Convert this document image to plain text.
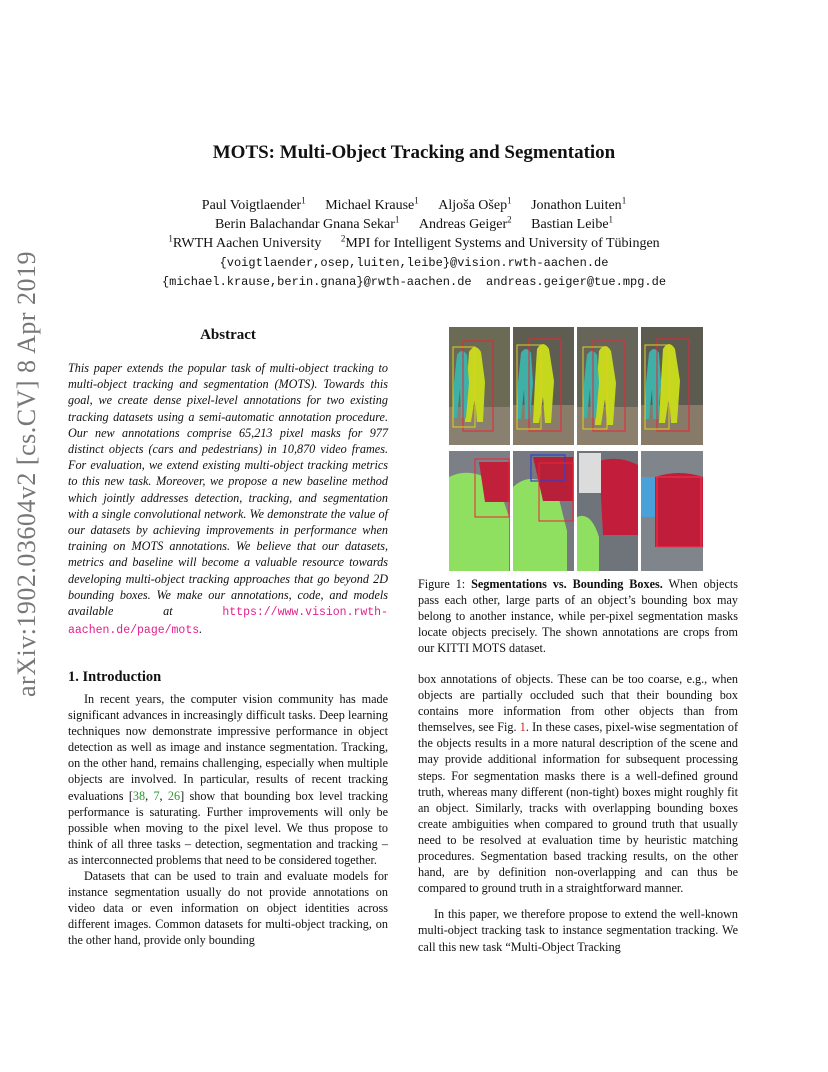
arXiv:1902.03604v2 [cs.CV] 8 Apr 2019
MOTS: Multi-Object Tracking and Segmentation
Paul Voigtlaender$^1$ Michael Krause$^1$ Aljoša Ošep$^1$ Jonathon Luiten$^1$
Berin Balachandar Gnana Sekar$^1$ Andreas Geiger$^2$ Bastian Leibe$^1$
$^1$RWTH Aachen University $^2$MPI for Intelligent Systems and University of Tübingen
{voigtlaender,osep,luiten,leibe}@vision.rwth-aachen.de
{michael.krause,berin.gnana}@rwth-aachen.de  andreas.geiger@tue.mpg.de
Abstract
This paper extends the popular task of multi-object tracking to multi-object tracking and segmentation (MOTS). Towards this goal, we create dense pixel-level annotations for two existing tracking datasets using a semi-automatic annotation procedure. Our new annotations comprise 65,213 pixel masks for 977 distinct objects (cars and pedestrians) in 10,870 video frames. For evaluation, we extend existing multi-object tracking metrics to this new task. Moreover, we propose a new baseline method which jointly addresses detection, tracking, and segmentation with a single convolutional network. We demonstrate the value of our datasets by achieving improvements in performance when training on MOTS annotations. We believe that our datasets, metrics and baseline will become a valuable resource towards developing multi-object tracking approaches that go beyond 2D bounding boxes. We make our annotations, code, and models available at	https://www.vision.rwth-aachen.de/page/mots.
Figure 1: Segmentations vs. Bounding Boxes. When objects pass each other, large parts of an object’s bounding box may belong to another instance, while per-pixel segmentation masks locate objects precisely. The shown annotations are crops from our KITTI MOTS dataset.
1. Introduction

In recent years, the computer vision community has made significant advances in increasingly difficult tasks. Deep learning techniques now demonstrate impressive performance in object detection as well as image and instance segmentation. Tracking, on the other hand, remains challenging, especially when multiple objects are involved. In particular, results of recent tracking evaluations [38, 7, 26] show that bounding box level tracking performance is saturating. Further improvements will only be possible when moving to the pixel level. We thus propose to think of all three tasks – detection, segmentation and tracking – as interconnected problems that need to be considered together.

Datasets that can be used to train and evaluate models for instance segmentation usually do not provide annotations on video data or even information on object identities across different images. Common datasets for multi-object tracking, on the other hand, provide only bounding

box annotations of objects. These can be too coarse, e.g., when objects are partially occluded such that their bounding box contains more information from other objects than from themselves, see Fig. 1. In these cases, pixel-wise segmentation of the objects results in a more natural description of the scene and may provide additional information for subsequent processing steps. For segmentation masks there is a well-defined ground truth, whereas many different (non-tight) boxes might roughly fit an object. Similarly, tracks with overlapping bounding boxes create ambiguities when compared to ground truth that usually need to be resolved at evaluation time by heuristic matching procedures. Segmentation based tracking results, on the other hand, are by definition non-overlapping and can thus be compared to ground truth in a straightforward manner.

In this paper, we therefore propose to extend the well-known multi-object tracking task to instance segmentation tracking. We call this new task “Multi-Object Tracking
